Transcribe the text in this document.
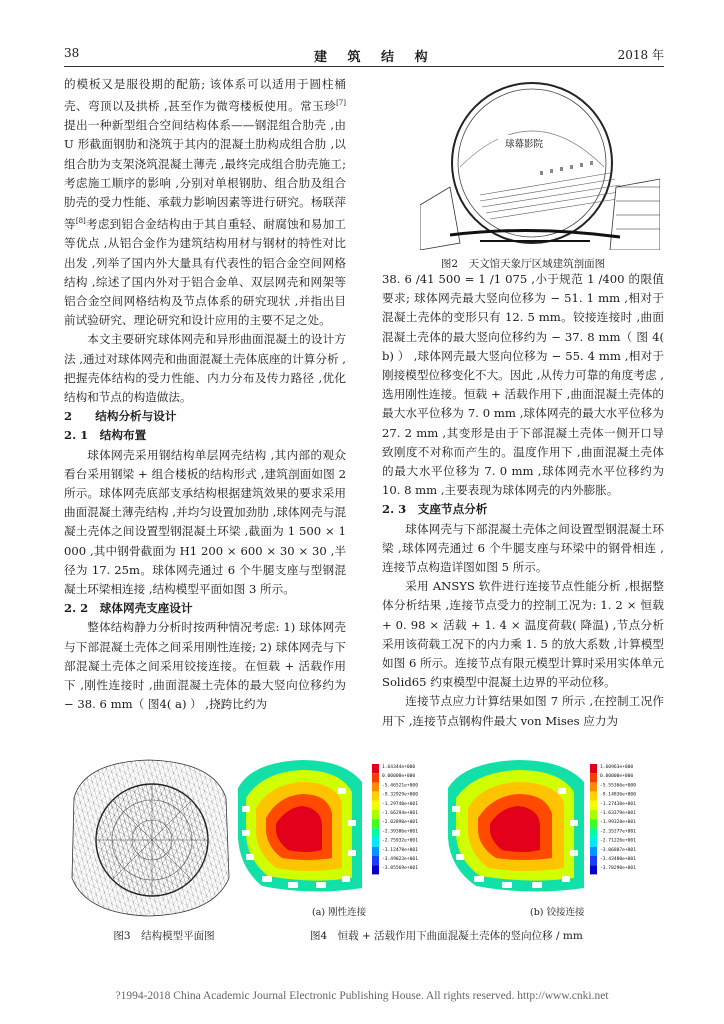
38	建 筑 结 构	2018 年

的模板又是服役期的配筋; 该体系可以适用于圆柱桶壳、弯顶以及拱桥 ,甚至作为微弯楼板使用。常玉珍[7]提出一种新型组合空间结构体系——钢混组合肋壳 ,由 U 形截面钢肋和浇筑于其内的混凝土肋构成组合肋 ,以组合肋为支架浇筑混凝土薄壳 ,最终完成组合肋壳施工; 考虑施工顺序的影响 ,分别对单根钢肋、组合肋及组合肋壳的受力性能、承载力影响因素等进行研究。杨联萍等[8]考虑到铝合金结构由于其自重轻、耐腐蚀和易加工等优点 ,从铝合金作为建筑结构用材与钢材的特性对比出发 ,列举了国内外大量具有代表性的铝合金空间网格结构 ,综述了国内外对于铝合金单、双层网壳和网架等铝合金空间网格结构及节点体系的研究现状 ,并指出目前试验研究、理论研究和设计应用的主要不足之处。

本文主要研究球体网壳和异形曲面混凝土的设计方法 ,通过对球体网壳和曲面混凝土壳体底座的计算分析 ,把握壳体结构的受力性能、内力分布及传力路径 ,优化结构和节点的构造做法。

2　　结构分析与设计

2. 1　结构布置

球体网壳采用钢结构单层网壳结构 ,其内部的观众看台采用钢梁 + 组合楼板的结构形式 ,建筑剖面如图 2 所示。球体网壳底部支承结构根据建筑效果的要求采用曲面混凝土薄壳结构 ,并均匀设置加劲肋 ,球体网壳与混凝土壳体之间设置型钢混凝土环梁 ,截面为 1 500 × 1 000 ,其中钢骨截面为 H1 200 × 600 × 30 × 30 ,半径为 17. 25m。球体网壳通过 6 个牛腿支座与型钢混凝土环梁相连接 ,结构模型平面如图 3 所示。

2. 2　球体网壳支座设计

整体结构静力分析时按两种情况考虑: 1) 球体网壳与下部混凝土壳体之间采用刚性连接; 2) 球体网壳与下部混凝土壳体之间采用铰接连接。在恒载 + 活载作用下 ,刚性连接时 ,曲面混凝土壳体的最大竖向位移约为 − 38. 6 mm（ 图4( a) ） ,挠跨比约为

球幕影院
图2　天文馆天象厅区域建筑剖面图

38. 6 /41 500 = 1 /1 075 ,小于规范 1 /400 的限值要求; 球体网壳最大竖向位移为 − 51. 1 mm ,相对于混凝土壳体的变形只有 12. 5 mm。铰接连接时 ,曲面混凝土壳体的最大竖向位移约为 − 37. 8 mm（ 图 4( b) ） ,球体网壳最大竖向位移为 − 55. 4 mm ,相对于刚接模型位移变化不大。因此 ,从传力可靠的角度考虑 ,选用刚性连接。恒载 + 活载作用下 ,曲面混凝土壳体的最大水平位移为 7. 0 mm ,球体网壳的最大水平位移为 27. 2 mm ,其变形是由于下部混凝土壳体一侧开口导致刚度不对称而产生的。温度作用下 ,曲面混凝土壳体的最大水平位移为 7. 0 mm ,球体网壳水平位移约为 10. 8 mm ,主要表现为球体网壳的内外膨胀。

2. 3　支座节点分析

球体网壳与下部混凝土壳体之间设置型钢混凝土环梁 ,球体网壳通过 6 个牛腿支座与环梁中的钢骨相连 ,连接节点构造详图如图 5 所示。

采用 ANSYS 软件进行连接节点性能分析 ,根据整体分析结果 ,连接节点受力的控制工况为: 1. 2 × 恒载 + 0. 98 × 活载 + 1. 4 × 温度荷载( 降温) ,节点分析采用该荷载工况下的内力乘 1. 5 的放大系数 ,计算模型如图 6 所示。连接节点有限元模型计算时采用实体单元 Solid65 约束模型中混凝土边界的平动位移。

连接节点应力计算结果如图 7 所示 ,在控制工况作用下 ,连接节点钢构件最大 von Mises 应力为

图3　结构模型平面图
1.64344e+000
0.00000e+000
-5.46521e+000
-9.32929e+000
-1.29740e+001
-1.66294e+001
-2.02890e+001
-2.39386e+001
-2.75932e+001
-3.12478e+001
-3.49023e+001
-3.85569e+001
1.60963e+000
0.00000e+000
-5.55366e+000
-9.14836e+000
-1.27430e+001
-1.63379e+001
-1.99328e+001
-2.35277e+001
-2.71226e+001
-3.06887e+001
-3.43480e+001
-3.78290e+001
(a) 刚性连接	(b) 铰接连接
图4　恒载 + 活载作用下曲面混凝土壳体的竖向位移 / mm
?1994-2018 China Academic Journal Electronic Publishing House. All rights reserved. http://www.cnki.net
